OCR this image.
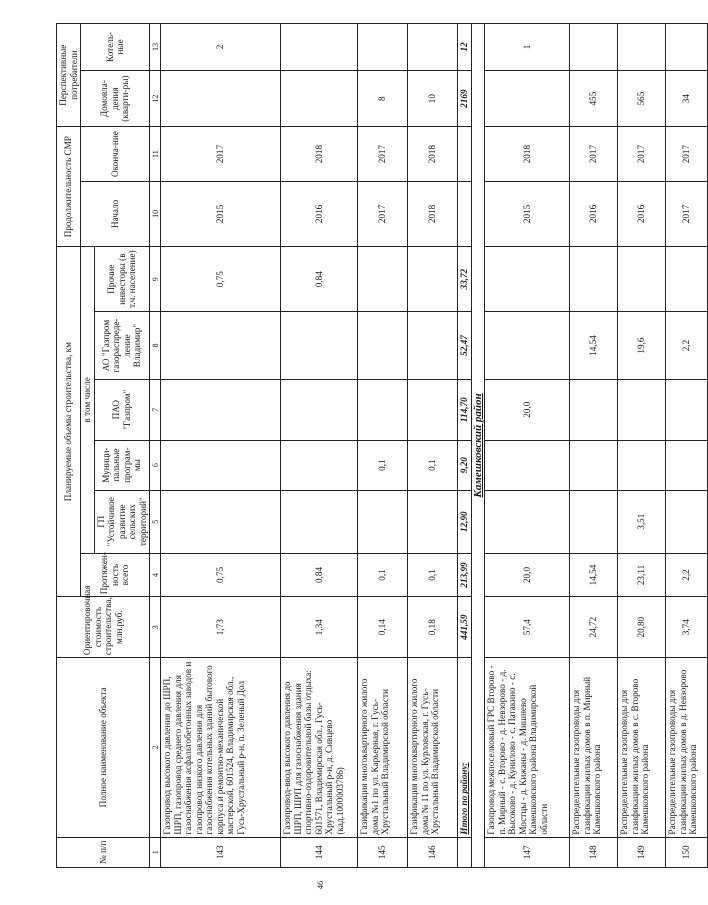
№ п/п	Полное наименование объекта	Ориентировочная стоимость строительства, млн.руб.	Планируемые объемы строительства, км						Продолжительность СМР		Перспективные потребители	
			Протяжен-ность всего	в том числе					Начало	Оконча-ние	Домовла-дения (кварти-ры)	Котель-ные
				ГП "Устойчивое развитие сельских территорий"	Муници-пальные програм-мы	ПАО "Газпром"	АО "Газпром газораспреде-ление Владимир"	Прочие инвесторы (в т.ч. население)				
1	2	3	4	5	6	7	8	9	10	11	12	13
143	Газопровод высокого давления до ШРП, ШРП, газопровод среднего давления для газоснабжения асфальтобетонных заводов и газопровод низкого давления для газоснабжения котельных зданий бытового корпуса и ремонтно-механической мастерской, 601524, Владимирская обл., Гусь-Хрустальный р-н, п. Зеленый Дол	1,73	0,75					0,75	2015	2017		2
144	Газопровод-ввод высокого давления до ШРП, ШРП для газоснабжения здания спортивно-оздоровительной базы отдыха: 601571, Владимирская обл., Гусь-Хрустальный р-н, д. Сивцево (кад.1000003786)	1,34	0,84					0,84	2016	2018		
145	Газификация многоквартирного жилого дома №1 по ул. Карьерная, г. Гусь-Хрустальный Владимирской области	0,14	0,1		0,1				2017	2017	8	
146	Газификация многоквартирного жилого дома № 11 по ул. Курловская, г. Гусь-Хрустальный Владимирской области	0,18	0,1		0,1				2018	2018	10	
	Итого по району:	441,59	213,99	12,90	9,20	114,70	52,47	33,72			2169	12
Камешковский район												
147	Газопровод межпоселковый ГРС Второво - п. Мирный - с. Второво - д. Невзорово - д. Высоково - д. Кунилово - с. Патакино - с. Мостцы - д. Кижаны - д. Мишнево Камешковского района Владимирской области	57,4	20,0			20,0			2015	2018		1
148	Распределительные газопроводы для газификации жилых домов в п. Мирный Камешковского района	24,72	14,54				14,54		2016	2017	455	
149	Распределительные газопроводы для газификации жилых домов в с. Второво Камешковского района	20,80	23,11	3,51			19,6		2016	2017	565	
150	Распределительные газопроводы для газификации жилых домов в д. Невзорово Камешковского района	3,74	2,2				2,2		2017	2017	34	
46
